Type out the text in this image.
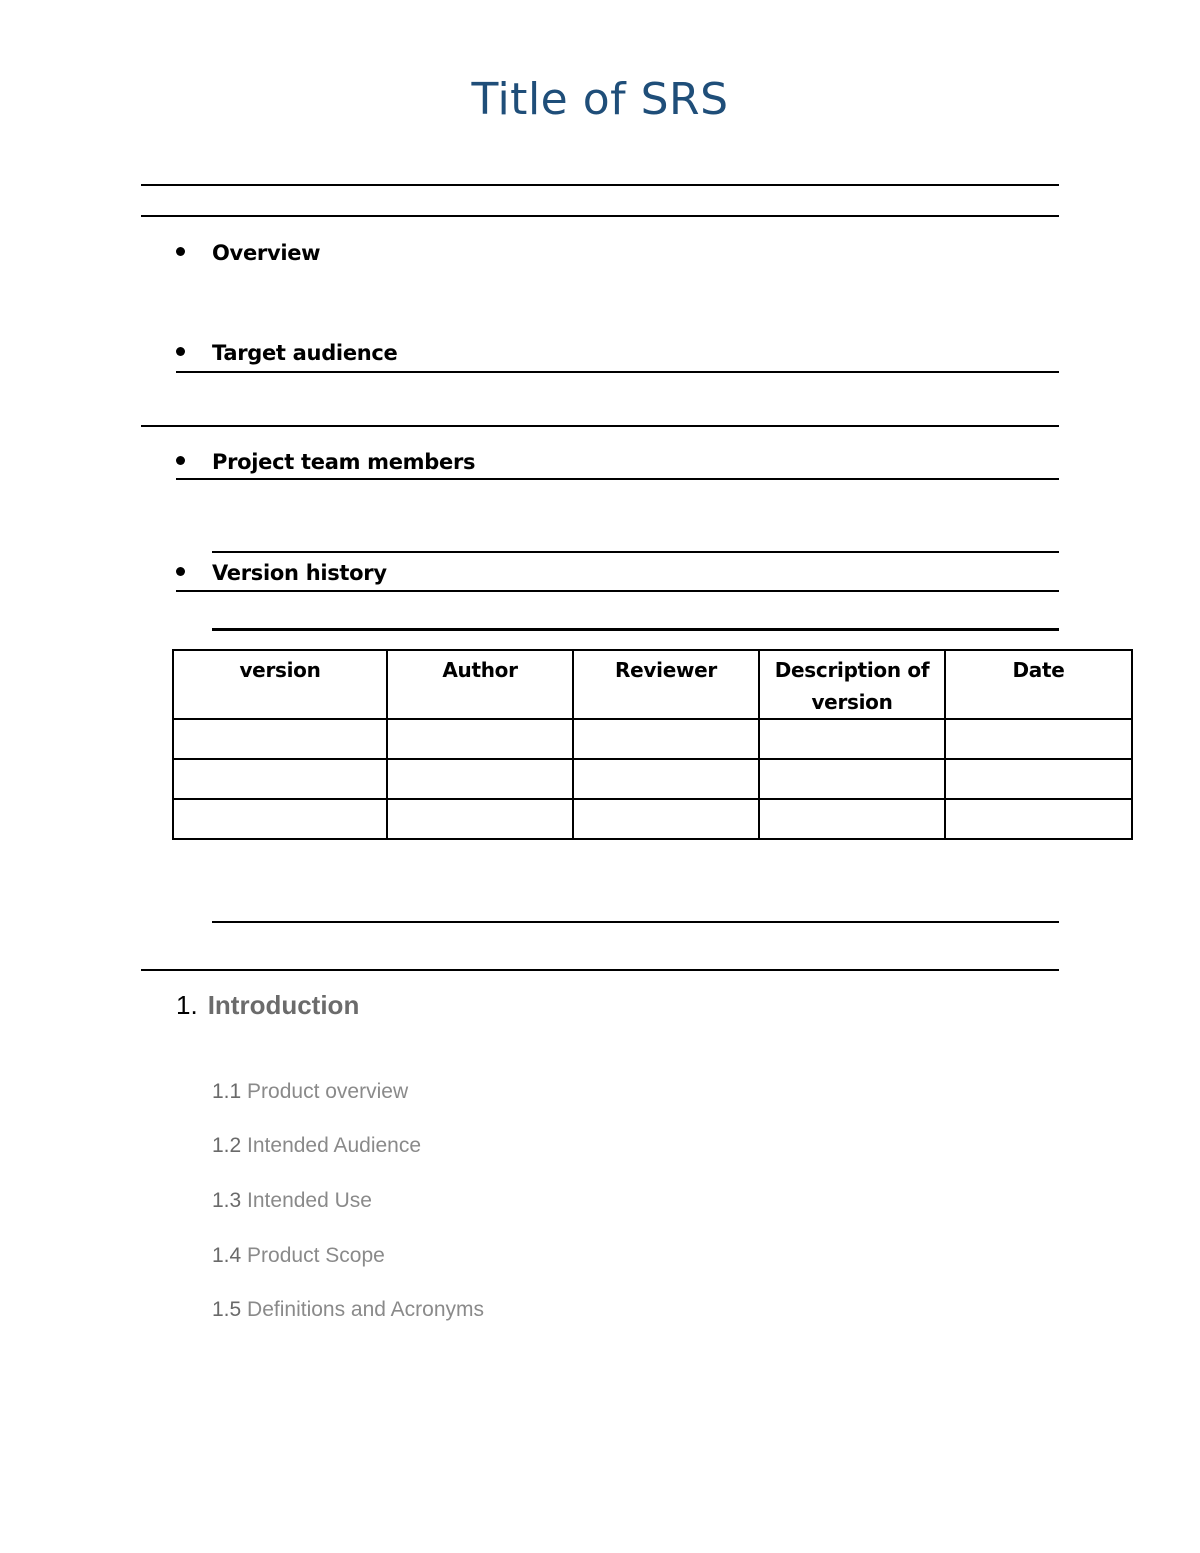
Title of SRS
Overview
Target audience
Project team members
Version history
version	Author	Reviewer	Description of version	Date

1. Introduction
1.1 Product overview
1.2 Intended Audience
1.3 Intended Use
1.4 Product Scope
1.5 Definitions and Acronyms
